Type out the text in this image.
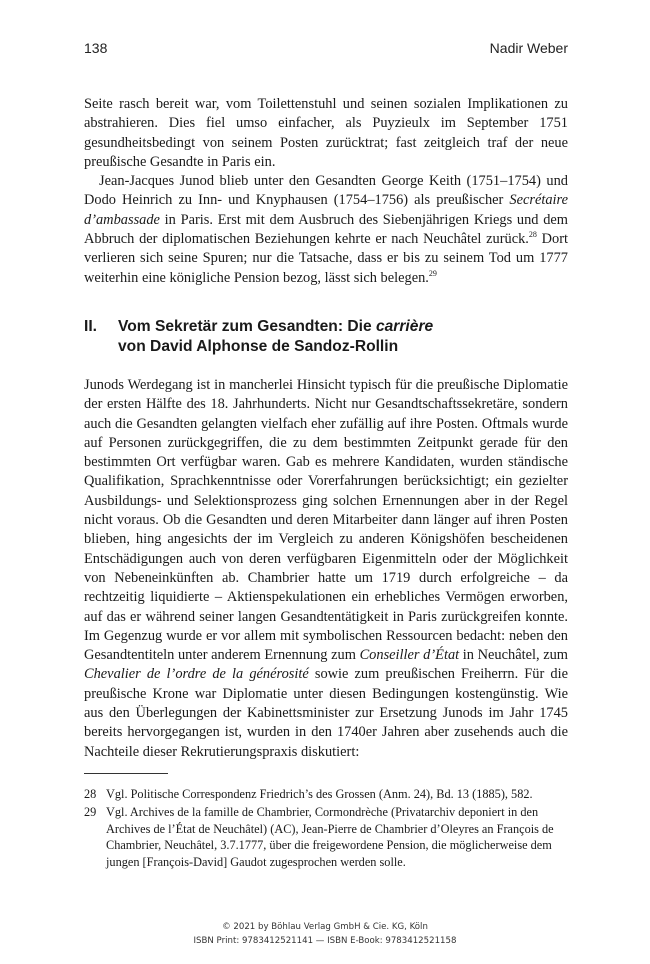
138	Nadir Weber

Seite rasch bereit war, vom Toilettenstuhl und seinen sozialen Implikationen zu abstrahieren. Dies fiel umso einfacher, als Puyzieulx im September 1751 gesundheitsbedingt von seinem Posten zurücktrat; fast zeitgleich traf der neue preußische Gesandte in Paris ein.

Jean-Jacques Junod blieb unter den Gesandten George Keith (1751–1754) und Dodo Heinrich zu Inn- und Knyphausen (1754–1756) als preußischer Secrétaire d’ambassade in Paris. Erst mit dem Ausbruch des Siebenjährigen Kriegs und dem Abbruch der diplomatischen Beziehungen kehrte er nach Neuchâtel zurück.$^{28}$ Dort verlieren sich seine Spuren; nur die Tatsache, dass er bis zu seinem Tod um 1777 weiterhin eine königliche Pension bezog, lässt sich belegen.$^{29}$

II. Vom Sekretär zum Gesandten: Die carrière
von David Alphonse de Sandoz-Rollin

Junods Werdegang ist in mancherlei Hinsicht typisch für die preußische Diplomatie der ersten Hälfte des 18. Jahrhunderts. Nicht nur Gesandtschaftssekretäre, sondern auch die Gesandten gelangten vielfach eher zufällig auf ihre Posten. Oftmals wurde auf Personen zurückgegriffen, die zu dem bestimmten Zeitpunkt gerade für den bestimmten Ort verfügbar waren. Gab es mehrere Kandidaten, wurden ständische Qualifikation, Sprachkenntnisse oder Vorerfahrungen berücksichtigt; ein gezielter Ausbildungs- und Selektionsprozess ging solchen Ernennungen aber in der Regel nicht voraus. Ob die Gesandten und deren Mitarbeiter dann länger auf ihren Posten blieben, hing angesichts der im Vergleich zu anderen Königshöfen bescheidenen Entschädigungen auch von deren verfügbaren Eigenmitteln oder der Möglichkeit von Nebeneinkünften ab. Chambrier hatte um 1719 durch erfolgreiche – da rechtzeitig liquidierte – Aktienspekulationen ein erhebliches Vermögen erworben, auf das er während seiner langen Gesandtentätigkeit in Paris zurückgreifen konnte. Im Gegenzug wurde er vor allem mit symbolischen Ressourcen bedacht: neben den Gesandtentiteln unter anderem Ernennung zum Conseiller d’État in Neuchâtel, zum Chevalier de l’ordre de la générosité sowie zum preußischen Freiherrn. Für die preußische Krone war Diplomatie unter diesen Bedingungen kostengünstig. Wie aus den Überlegungen der Kabinettsminister zur Ersetzung Junods im Jahr 1745 bereits hervorgegangen ist, wurden in den 1740er Jahren aber zusehends auch die Nachteile dieser Rekrutierungspraxis diskutiert:

28 Vgl. Politische Correspondenz Friedrich’s des Grossen (Anm. 24), Bd. 13 (1885), 582.
29 Vgl. Archives de la famille de Chambrier, Cormondrèche (Privatarchiv deponiert in den Archives de l’État de Neuchâtel) (AC), Jean-Pierre de Chambrier d’Oleyres an François de Chambrier, Neuchâtel, 3.7.1777, über die freigewordene Pension, die möglicherweise dem jungen [François-David] Gaudot zugesprochen werden solle.
© 2021 by Böhlau Verlag GmbH & Cie. KG, Köln
ISBN Print: 9783412521141 — ISBN E-Book: 9783412521158
